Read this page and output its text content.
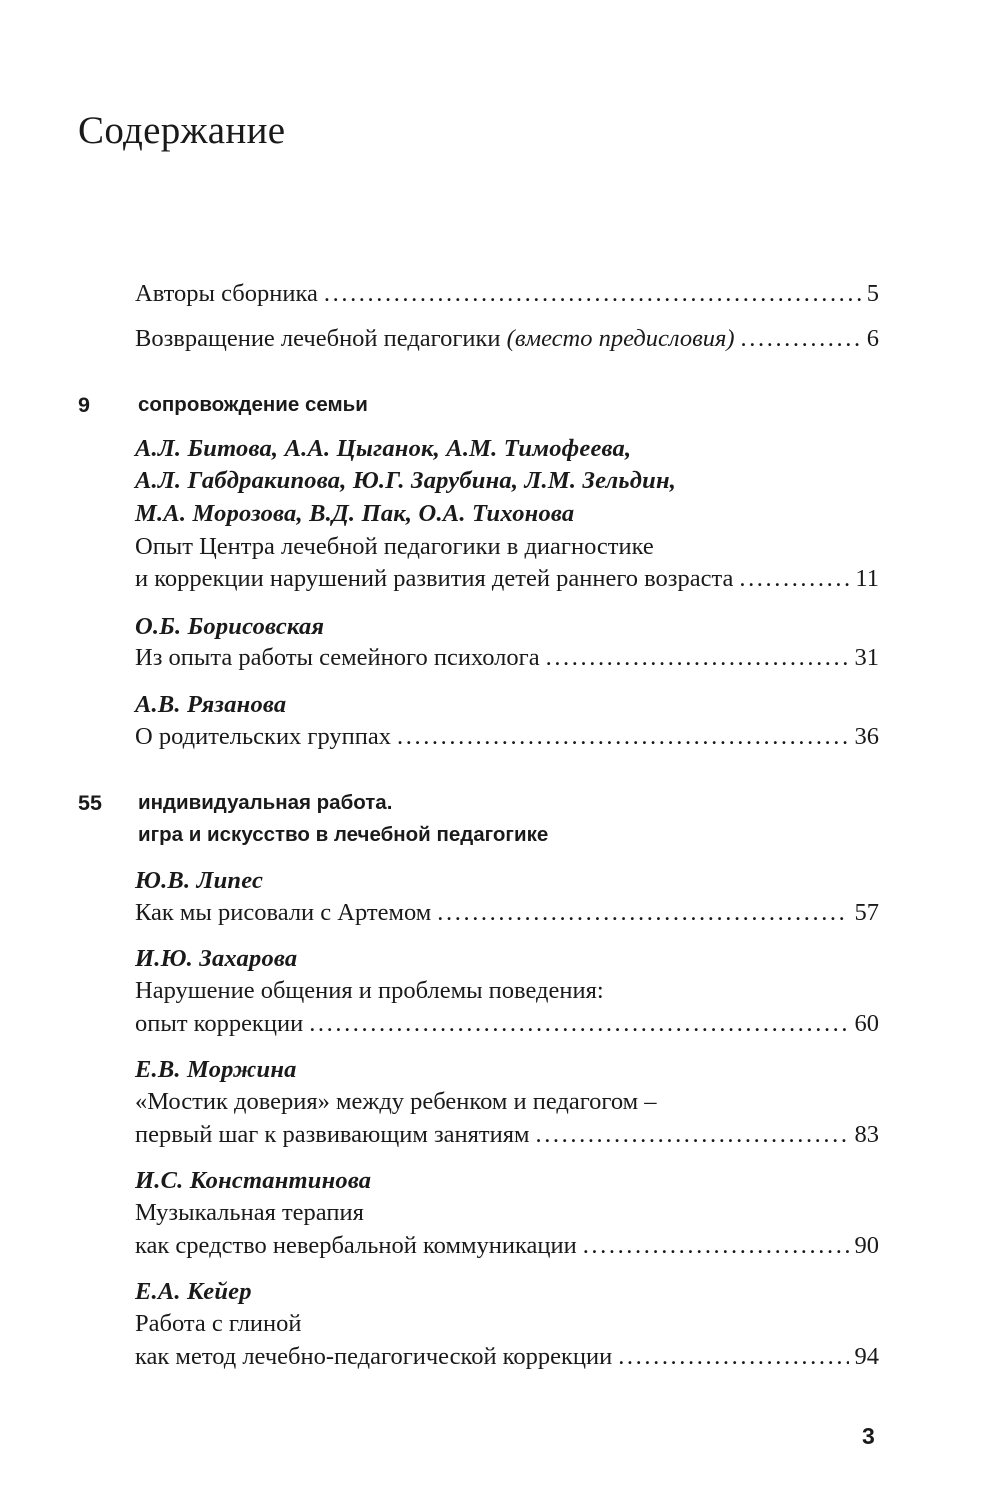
Содержание
Авторы сборника .....	5
Возвращение лечебной педагогики (вместо предисловия) .....	6
9 сопровождение семьи
А.Л. Битова, А.А. Цыганок, А.М. Тимофеева,
А.Л. Габдракипова, Ю.Г. Зарубина, Л.М. Зельдин,
М.А. Морозова, В.Д. Пак, О.А. Тихонова
Опыт Центра лечебной педагогики в диагностике
и коррекции нарушений развития детей раннего возраста .....	11
О.Б. Борисовская
Из опыта работы семейного психолога .....	31
А.В. Рязанова
О родительских группах .....	36
55 индивидуальная работа.
игра и искусство в лечебной педагогике
Ю.В. Липес
Как мы рисовали с Артемом .....	57
И.Ю. Захарова
Нарушение общения и проблемы поведения:
опыт коррекции .....	60
Е.В. Моржина
«Мостик доверия» между ребенком и педагогом –
первый шаг к развивающим занятиям .....	83
И.С. Константинова
Музыкальная терапия
как средство невербальной коммуникации .....	90
Е.А. Кейер
Работа с глиной
как метод лечебно-педагогической коррекции .....	94
3
